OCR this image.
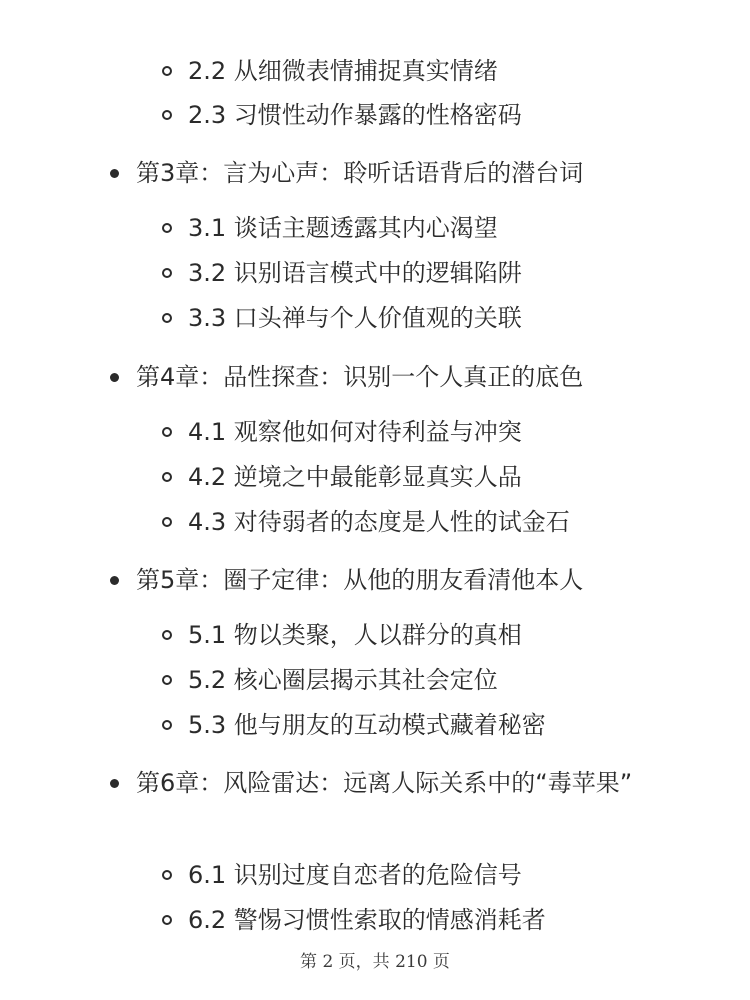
2.2 从细微表情捕捉真实情绪
2.3 习惯性动作暴露的性格密码
第3章：言为心声：聆听话语背后的潜台词
3.1 谈话主题透露其内心渴望
3.2 识别语言模式中的逻辑陷阱
3.3 口头禅与个人价值观的关联
第4章：品性探查：识别一个人真正的底色
4.1 观察他如何对待利益与冲突
4.2 逆境之中最能彰显真实人品
4.3 对待弱者的态度是人性的试金石
第5章：圈子定律：从他的朋友看清他本人
5.1 物以类聚，人以群分的真相
5.2 核心圈层揭示其社会定位
5.3 他与朋友的互动模式藏着秘密
第6章：风险雷达：远离人际关系中的“毒苹果”
6.1 识别过度自恋者的危险信号
6.2 警惕习惯性索取的情感消耗者
第 2 页，共 210 页
